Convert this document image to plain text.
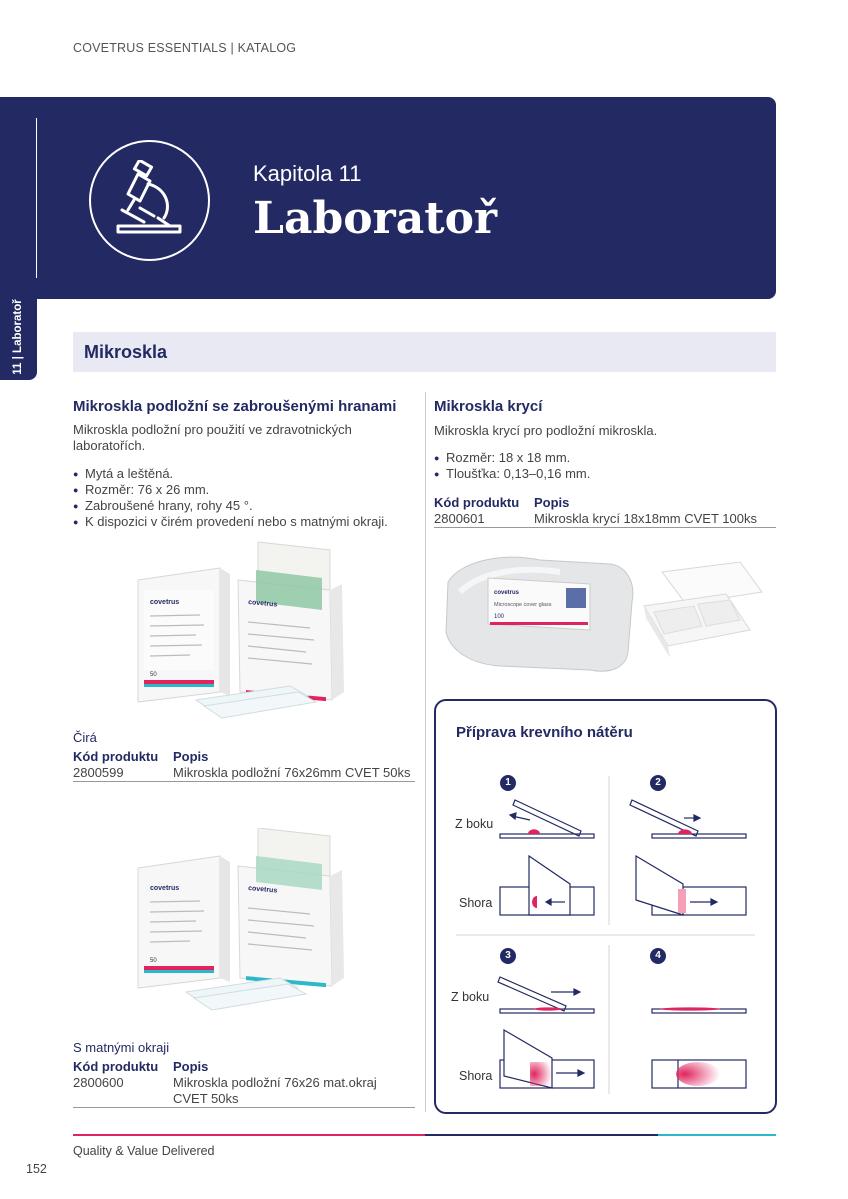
COVETRUS ESSENTIALS | KATALOG
11 | Laboratoř
Kapitola 11
Laboratoř
Mikroskla
Mikroskla podložní se zabroušenými hranami
Mikroskla podložní pro použití ve zdravotnických
laboratořích.
● Mytá a leštěná.
● Rozměr: 76 x 26 mm.
● Zabroušené hrany, rohy 45 °.
● K dispozici v čirém provedení nebo s matnými okraji.
covetrus
50
covetrus
Čirá
Kód produktu	Popis
2800599	Mikroskla podložní 76x26mm CVET 50ks
covetrus
50
covetrus
S matnými okraji
Kód produktu	Popis
2800600	Mikroskla podložní 76x26 mat.okraj
CVET 50ks
Mikroskla krycí
Mikroskla krycí pro podložní mikroskla.
● Rozměr: 18 x 18 mm.
● Tloušťka: 0,13–0,16 mm.
Kód produktu	Popis
2800601	Mikroskla krycí 18x18mm CVET 100ks
covetrus
Microscope cover glass
100
Příprava krevního nátěru
1	2
3	4
Z boku
Shora
Z boku
Shora
Quality & Value Delivered
152
